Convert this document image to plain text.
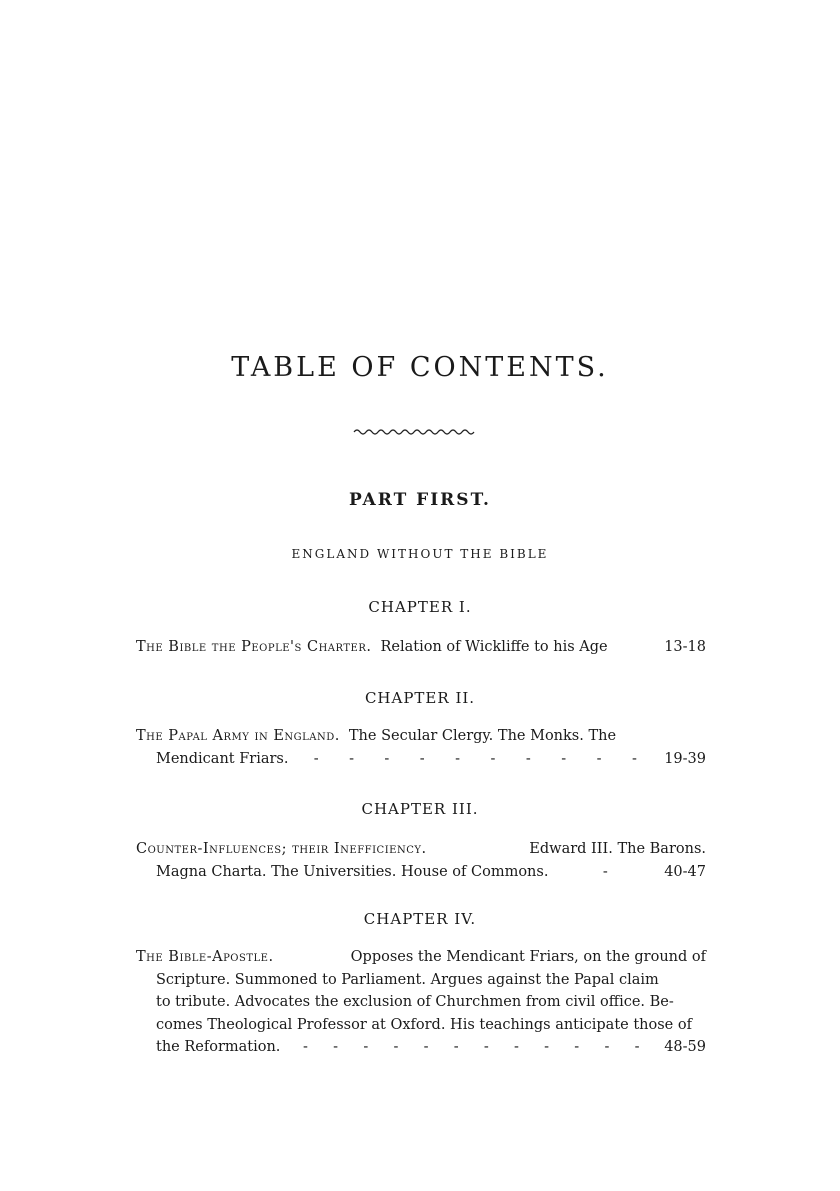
TABLE OF CONTENTS.
PART FIRST.
ENGLAND WITHOUT THE BIBLE
CHAPTER I.
The Bible the People's Charter. Relation of Wickliffe to his Age	13-18
CHAPTER II.
The Papal Army in England. The Secular Clergy. The Monks. The
Mendicant Friars. - - - - - - - - - -	19-39
CHAPTER III.
Counter-Influences; their Inefficiency.	Edward III. The Barons.
Magna Charta. The Universities. House of Commons.	-	40-47
CHAPTER IV.
The Bible-Apostle.	Opposes the Mendicant Friars, on the ground of
Scripture. Summoned to Parliament. Argues against the Papal claim
to tribute. Advocates the exclusion of Churchmen from civil office. Be-
comes Theological Professor at Oxford. His teachings anticipate those of
the Reformation. - - - - - - - - - - - -	48-59
